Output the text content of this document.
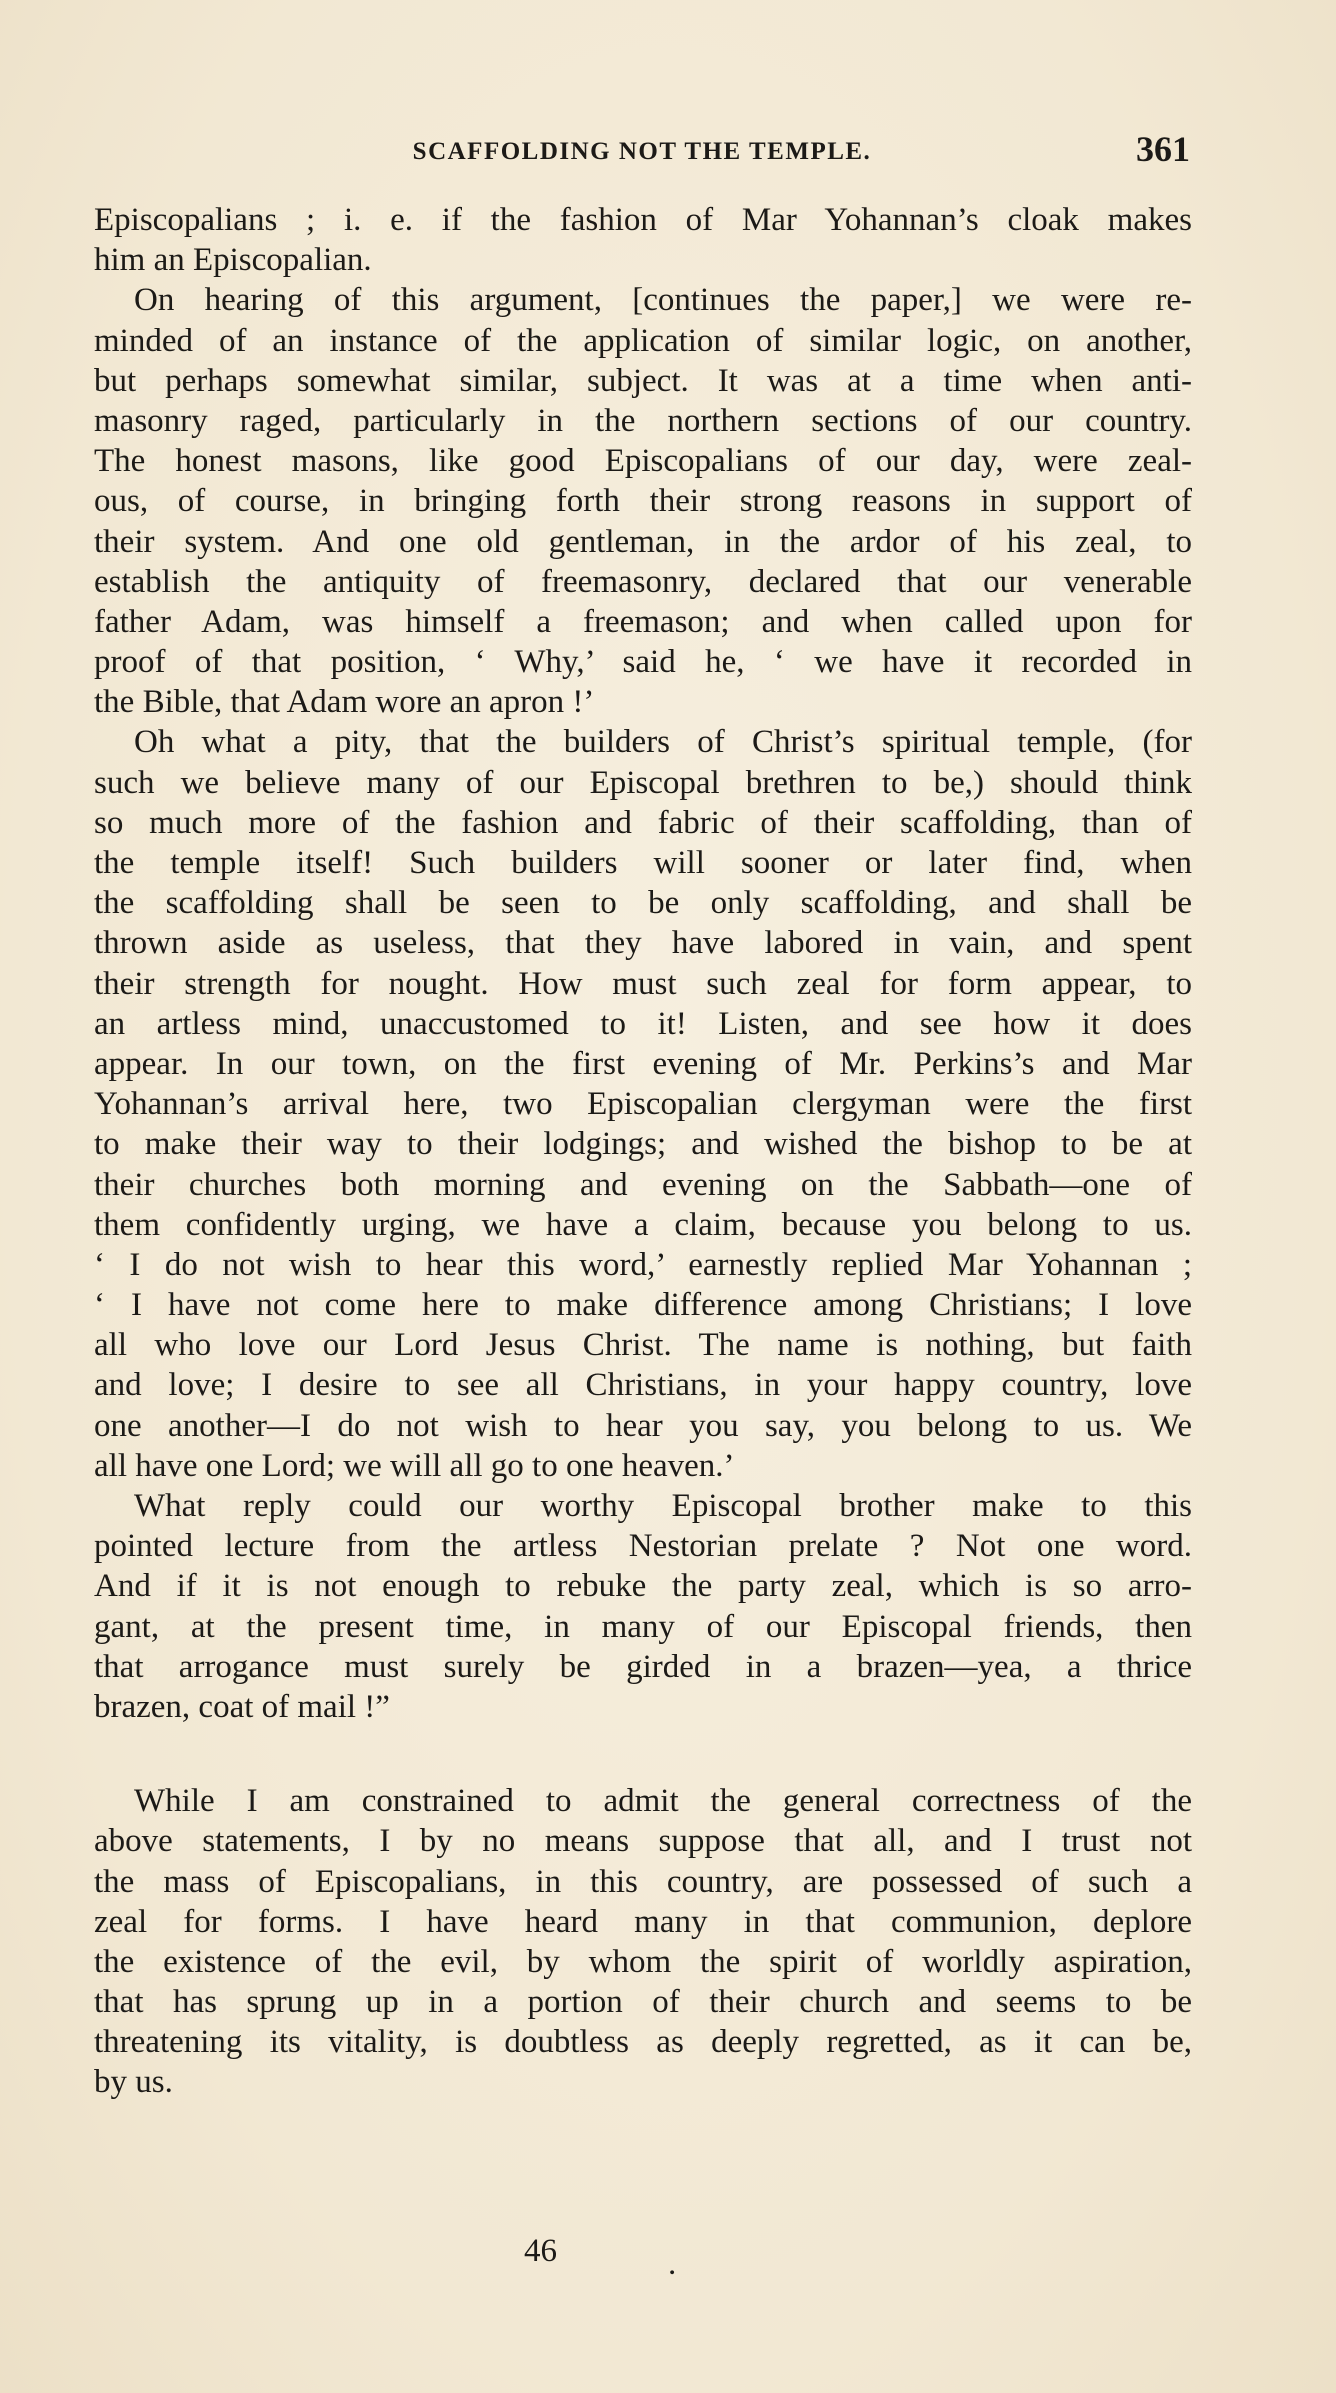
SCAFFOLDING NOT THE TEMPLE.	361
Episcopalians ; i. e. if the fashion of Mar Yohannan’s cloak makes
him an Episcopalian.
On hearing of this argument, [continues the paper,] we were re-
minded of an instance of the application of similar logic, on another,
but perhaps somewhat similar, subject. It was at a time when anti-
masonry raged, particularly in the northern sections of our country.
The honest masons, like good Episcopalians of our day, were zeal-
ous, of course, in bringing forth their strong reasons in support of
their system. And one old gentleman, in the ardor of his zeal, to
establish the antiquity of freemasonry, declared that our venerable
father Adam, was himself a freemason; and when called upon for
proof of that position, ‘ Why,’ said he, ‘ we have it recorded in
the Bible, that Adam wore an apron !’
Oh what a pity, that the builders of Christ’s spiritual temple, (for
such we believe many of our Episcopal brethren to be,) should think
so much more of the fashion and fabric of their scaffolding, than of
the temple itself! Such builders will sooner or later find, when
the scaffolding shall be seen to be only scaffolding, and shall be
thrown aside as useless, that they have labored in vain, and spent
their strength for nought. How must such zeal for form appear, to
an artless mind, unaccustomed to it! Listen, and see how it does
appear. In our town, on the first evening of Mr. Perkins’s and Mar
Yohannan’s arrival here, two Episcopalian clergyman were the first
to make their way to their lodgings; and wished the bishop to be at
their churches both morning and evening on the Sabbath—one of
them confidently urging, we have a claim, because you belong to us.
‘ I do not wish to hear this word,’ earnestly replied Mar Yohannan ;
‘ I have not come here to make difference among Christians; I love
all who love our Lord Jesus Christ. The name is nothing, but faith
and love; I desire to see all Christians, in your happy country, love
one another—I do not wish to hear you say, you belong to us. We
all have one Lord; we will all go to one heaven.’
What reply could our worthy Episcopal brother make to this
pointed lecture from the artless Nestorian prelate ? Not one word.
And if it is not enough to rebuke the party zeal, which is so arro-
gant, at the present time, in many of our Episcopal friends, then
that arrogance must surely be girded in a brazen—yea, a thrice
brazen, coat of mail !”
While I am constrained to admit the general correctness of the
above statements, I by no means suppose that all, and I trust not
the mass of Episcopalians, in this country, are possessed of such a
zeal for forms. I have heard many in that communion, deplore
the existence of the evil, by whom the spirit of worldly aspiration,
that has sprung up in a portion of their church and seems to be
threatening its vitality, is doubtless as deeply regretted, as it can be,
by us.
46	.
